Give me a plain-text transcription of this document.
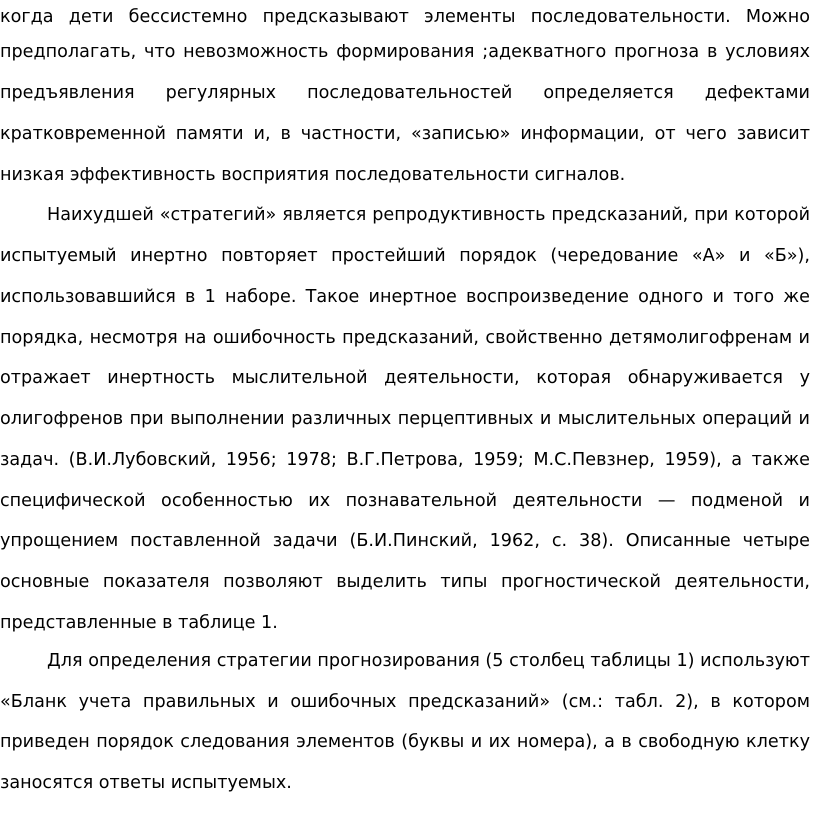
когда дети бессистемно предсказывают элементы последовательности. Можно
предполагать, что невозможность формирования ;адекватного прогноза в условиях
предъявления регулярных последовательностей определяется дефектами
кратковременной памяти и, в частности, «записью» информации, от чего зависит
низкая эффективность восприятия последовательности сигналов.
Наихудшей «стратегий» является репродуктивность предсказаний, при которой
испытуемый инертно повторяет простейший порядок (чередование «А» и «Б»),
использовавшийся в 1 наборе. Такое инертное воспроизведение одного и того же
порядка, несмотря на ошибочность предсказаний, свойственно детямолигофренам и
отражает инертность мыслительной деятельности, которая обнаруживается у
олигофренов при выполнении различных перцептивных и мыслительных операций и
задач. (В.И.Лубовский, 1956; 1978; В.Г.Петрова, 1959; М.С.Певзнер, 1959), а также
специфической особенностью их познавательной деятельности — подменой и
упрощением поставленной задачи (Б.И.Пинский, 1962, с. 38). Описанные четыре
основные показателя позволяют выделить типы прогностической деятельности,
представленные в таблице 1.
Для определения стратегии прогнозирования (5 столбец таблицы 1) используют
«Бланк учета правильных и ошибочных предсказаний» (см.: табл. 2), в котором
приведен порядок следования элементов (буквы и их номера), а в свободную клетку
заносятся ответы испытуемых.
